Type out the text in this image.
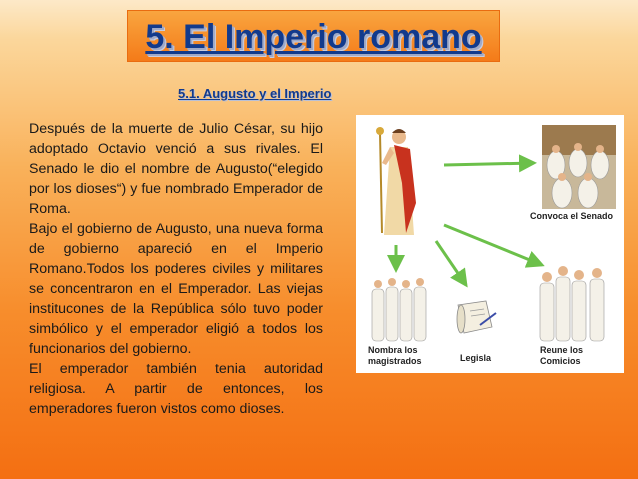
5. El Imperio romano
5.1. Augusto y el Imperio

Después de la muerte de Julio César, su hijo adoptado Octavio venció a sus rivales. El Senado le dio el nombre de Augusto(“elegido por los dioses“) y fue nombrado Emperador de Roma.

Bajo el gobierno de Augusto, una nueva forma de gobierno apareció en el Imperio Romano.Todos los poderes civiles y militares se concentraron en el Emperador. Las viejas institucones de la República sólo tuvo poder simbólico y el emperador eligió a todos los funcionarios del gobierno.

El emperador también tenia autoridad religiosa. A partir de entonces, los emperadores fueron vistos como dioses.

Convoca el Senado
Nombra los magistrados	Legisla
Reune los Comicios
